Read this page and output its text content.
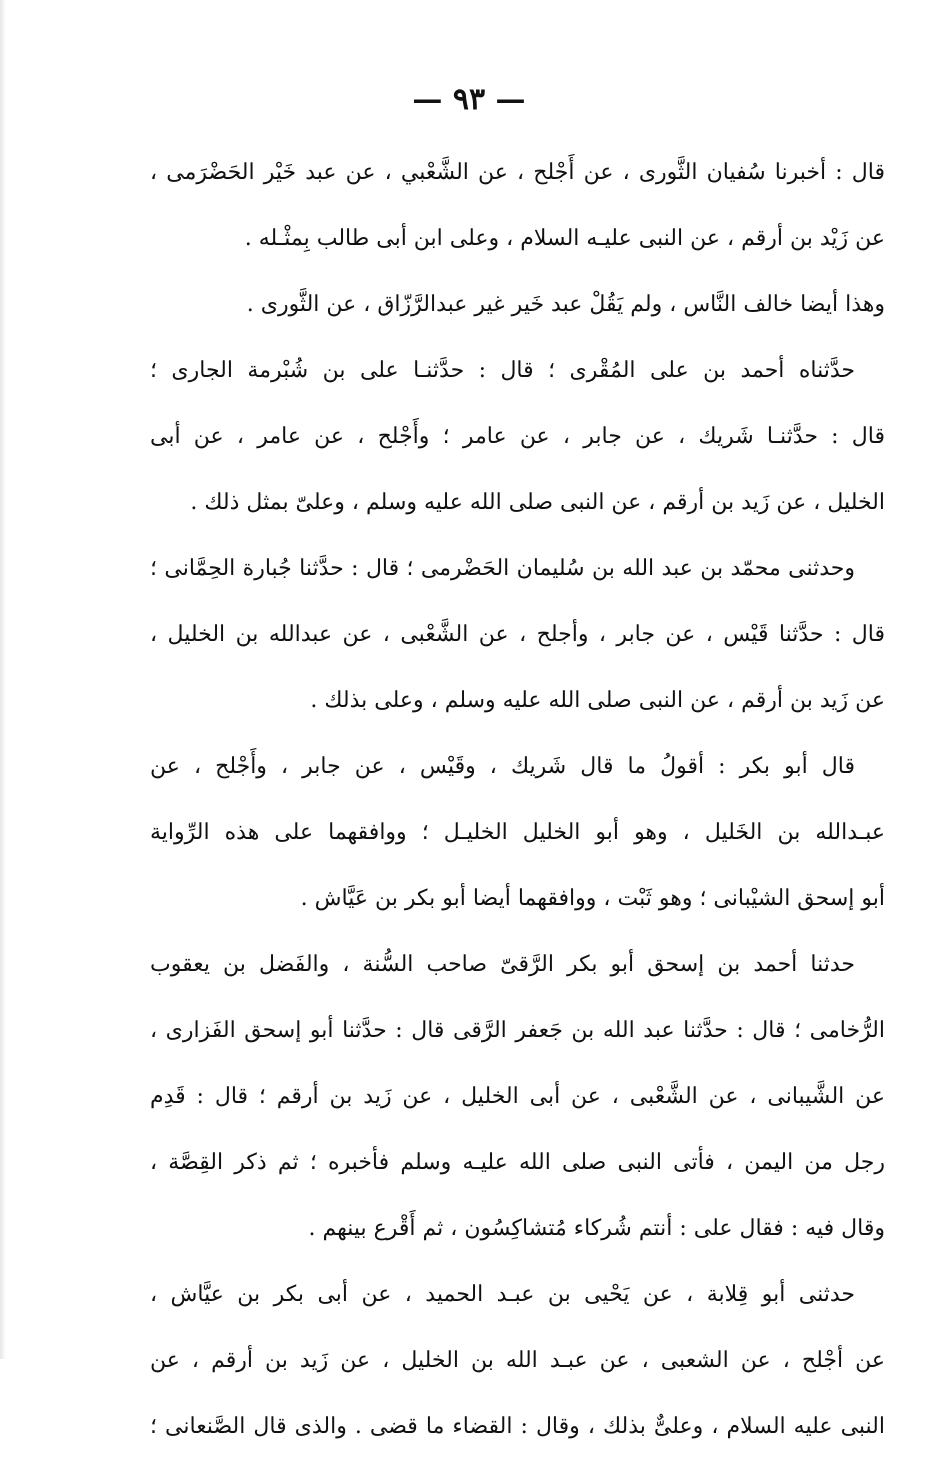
— ٩٣ —
قال : أخبرنا سُفيان الثَّورى ، عن أَجْلح ، عن الشَّعْبي ، عن عبد خَيْر الحَضْرَمى ،
عن زَيْد بن أرقم ، عن النبى عليـه السلام ، وعلى ابن أبى طالب بِمثْـله .
وهذا أيضا خالف النَّاس ، ولم يَقُلْ عبد خَير غير عبدالرَّزّاق ، عن الثَّورى .
حدَّثناه أحمد بن على المُقْرى ؛ قال : حدَّثنـا على بن شُبْرمة الجارى ؛
قال : حدَّثنـا شَريك ، عن جابر ، عن عامر ؛ وأَجْلح ، عن عامر ، عن أبى
الخليل ، عن زَيد بن أرقم ، عن النبى صلى الله عليه وسلم ، وعلىّ بمثل ذلك .
وحدثنى محمّد بن عبد الله بن سُليمان الحَضْرمى ؛ قال : حدَّثنا جُبارة الحِمَّانى ؛
قال : حدَّثنا قَيْس ، عن جابر ، وأجلح ، عن الشَّعْبى ، عن عبدالله بن الخليل ،
عن زَيد بن أرقم ، عن النبى صلى الله عليه وسلم ، وعلى بذلك .
قال أبو بكر : أقولُ ما قال شَريك ، وقَيْس ، عن جابر ، وأَجْلح ، عن
عبـدالله بن الخَليل ، وهو أبو الخليل الخليـل ؛ ووافقهما على هذه الرِّواية
أبو إسحق الشيْبانى ؛ وهو ثَبْت ، ووافقهما أيضا أبو بكر بن عَيَّاش .
حدثنا أحمد بن إسحق أبو بكر الرَّقىّ صاحب السُّنة ، والفَضل بن يعقوب
الرُّخامى ؛ قال : حدَّثنا عبد الله بن جَعفر الرَّقى قال : حدَّثنا أبو إسحق الفَزارى ،
عن الشَّيبانى ، عن الشَّعْبى ، عن أبى الخليل ، عن زَيد بن أرقم ؛ قال : قَدِم
رجل من اليمن ، فأتى النبى صلى الله عليـه وسلم فأخبره ؛ ثم ذكر القِصَّة ،
وقال فيه : فقال على : أنتم شُركاء مُتشاكِسُون ، ثم أَقْرع بينهم .
حدثنى أبو قِلابة ، عن يَحْيى بن عبـد الحميد ، عن أبى بكر بن عيَّاش ،
عن أجْلح ، عن الشعبى ، عن عبـد الله بن الخليل ، عن زَيد بن أرقم ، عن
النبى عليه السلام ، وعلىٌّ بذلك ، وقال : القضاء ما قضى . والذى قال الصَّنعانى ؛
